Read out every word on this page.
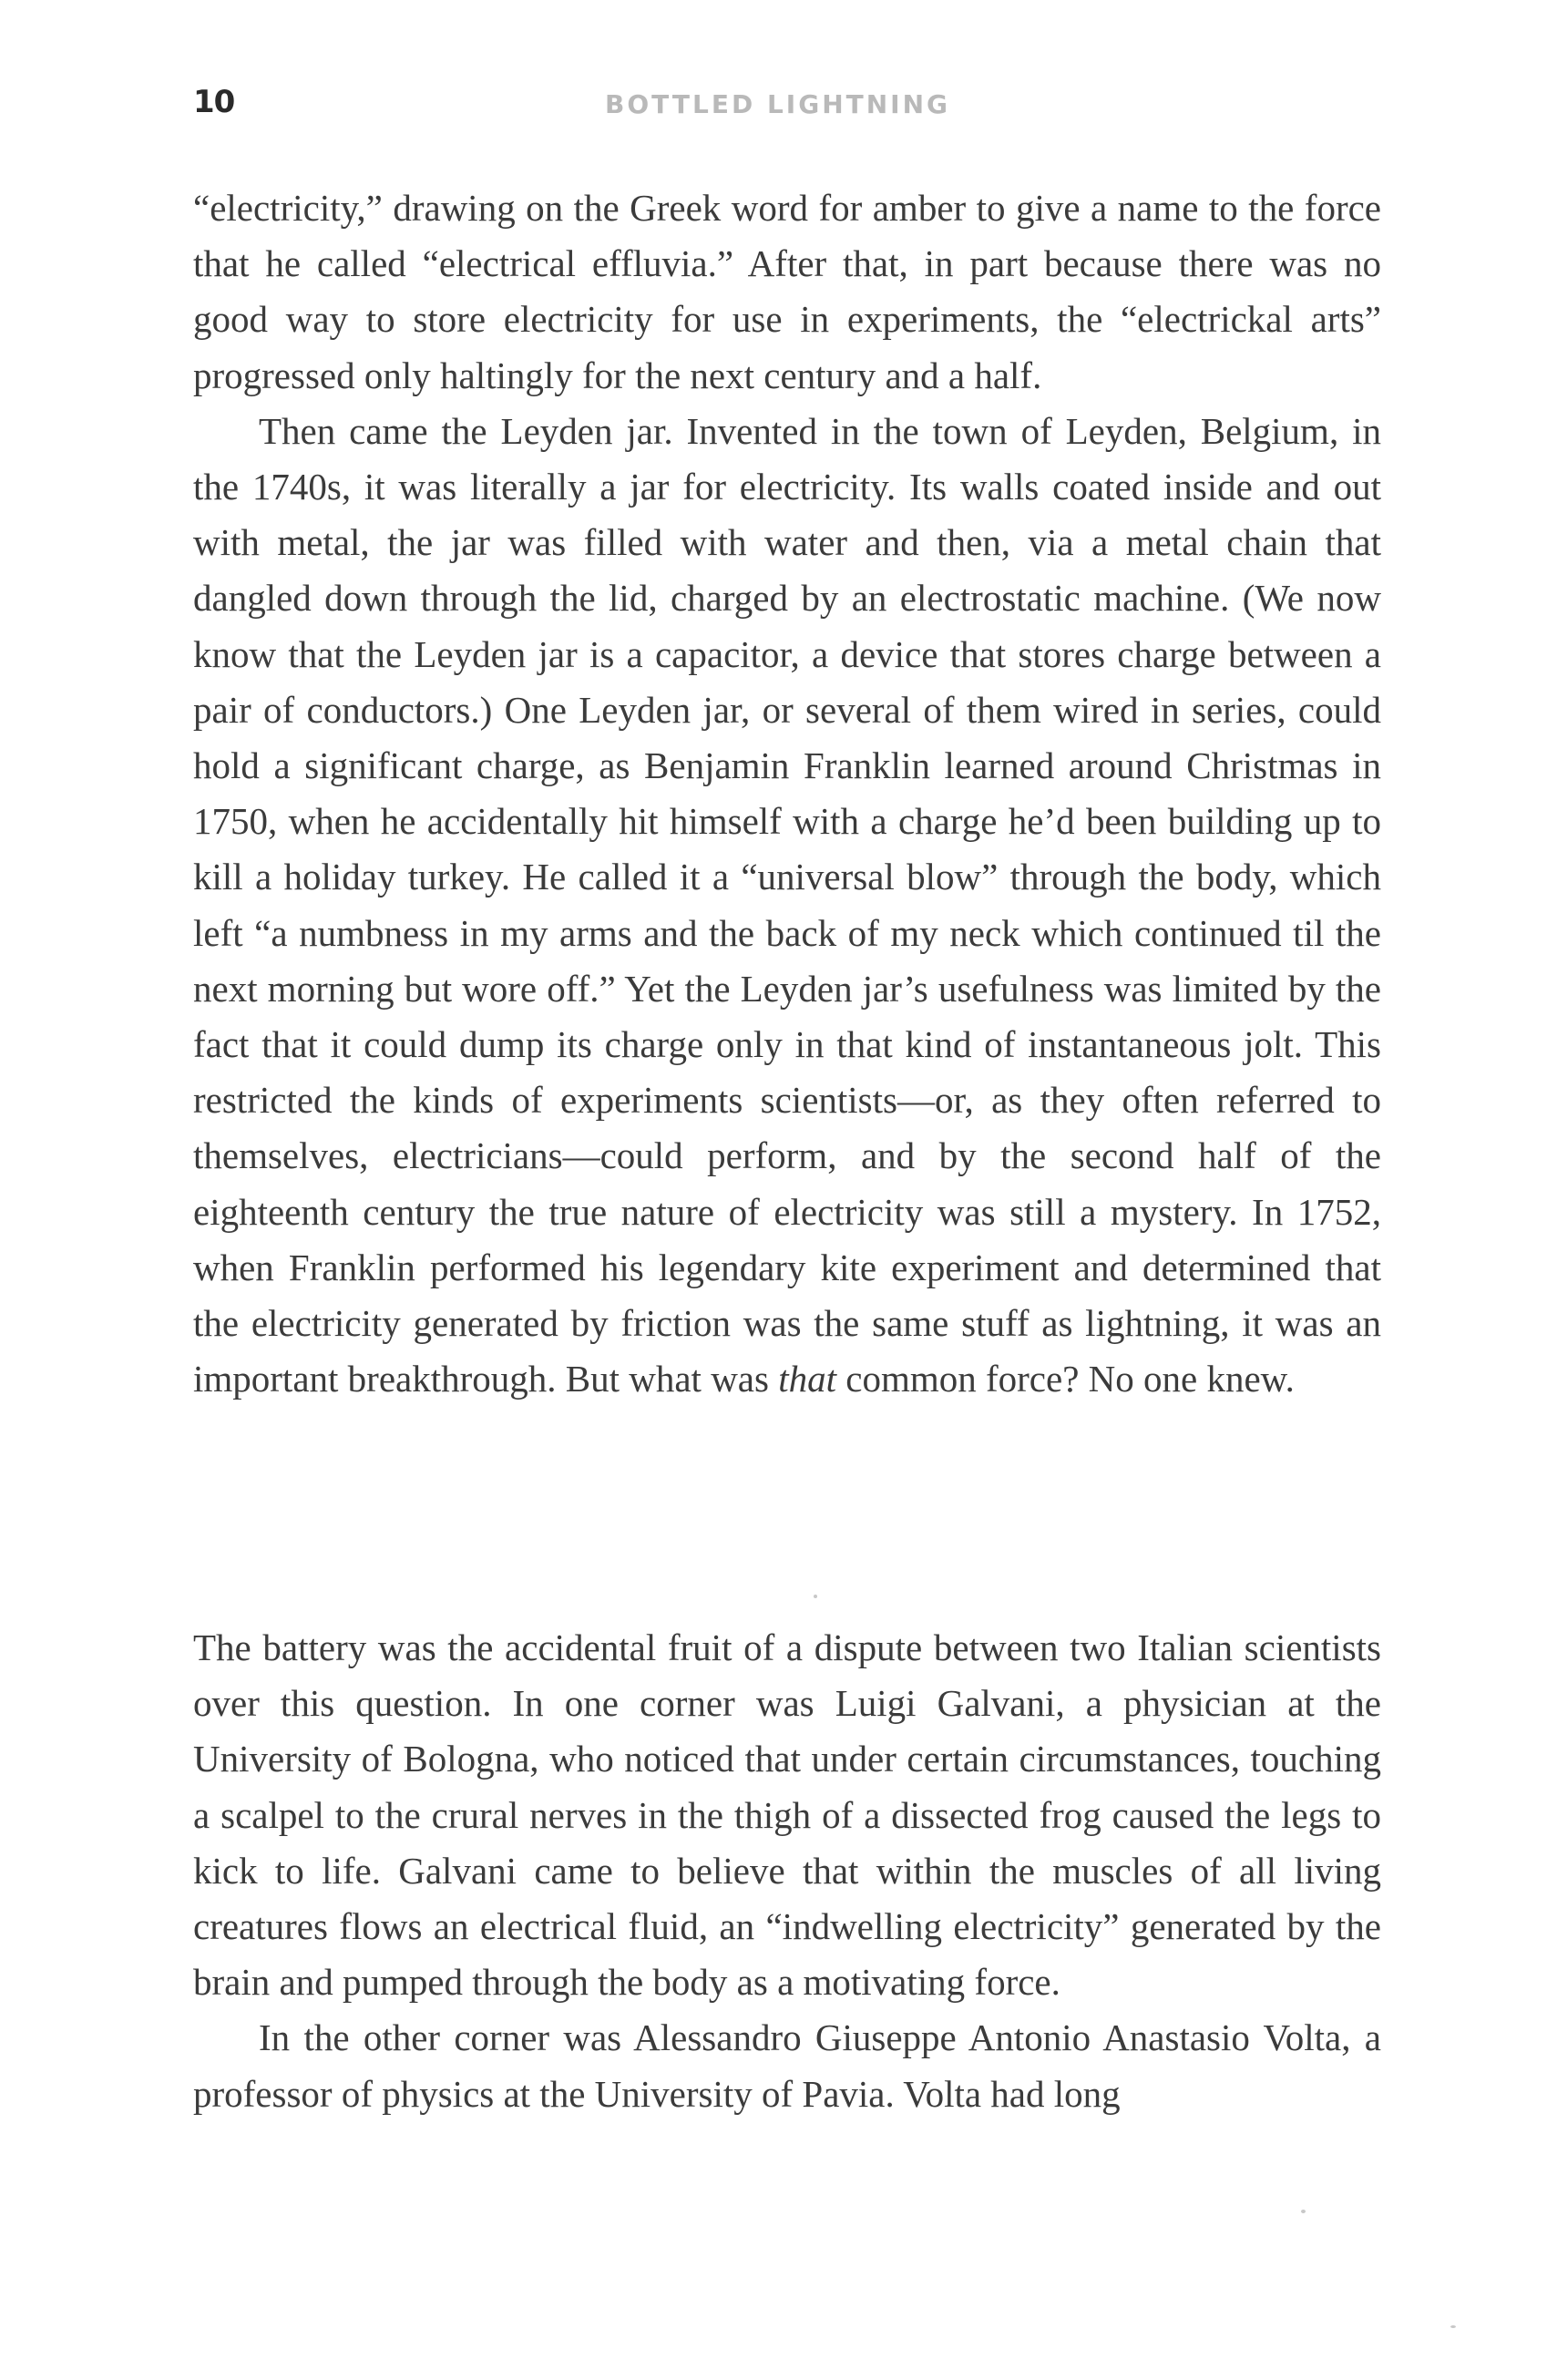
10	BOTTLED LIGHTNING

“electricity,” drawing on the Greek word for amber to give a name to the force that he called “electrical effluvia.” After that, in part because there was no good way to store electricity for use in experiments, the “electrickal arts” progressed only haltingly for the next century and a half.

Then came the Leyden jar. Invented in the town of Leyden, Belgium, in the 1740s, it was literally a jar for electricity. Its walls coated inside and out with metal, the jar was filled with water and then, via a metal chain that dangled down through the lid, charged by an electrostatic machine. (We now know that the Leyden jar is a capacitor, a device that stores charge between a pair of conductors.) One Leyden jar, or several of them wired in series, could hold a significant charge, as Benjamin Franklin learned around Christmas in 1750, when he accidentally hit himself with a charge he’d been building up to kill a holiday turkey. He called it a “universal blow” through the body, which left “a numbness in my arms and the back of my neck which continued til the next morning but wore off.” Yet the Leyden jar’s usefulness was limited by the fact that it could dump its charge only in that kind of instantaneous jolt. This restricted the kinds of experiments scientists—or, as they often referred to themselves, electricians—could perform, and by the second half of the eighteenth century the true nature of electricity was still a mystery. In 1752, when Franklin performed his legendary kite experiment and determined that the electricity generated by friction was the same stuff as lightning, it was an important breakthrough. But what was that common force? No one knew.

The battery was the accidental fruit of a dispute between two Italian scientists over this question. In one corner was Luigi Galvani, a physician at the University of Bologna, who noticed that under certain circumstances, touching a scalpel to the crural nerves in the thigh of a dissected frog caused the legs to kick to life. Galvani came to believe that within the muscles of all living creatures flows an electrical fluid, an “indwelling electricity” generated by the brain and pumped through the body as a motivating force.

In the other corner was Alessandro Giuseppe Antonio Anastasio Volta, a professor of physics at the University of Pavia. Volta had long
